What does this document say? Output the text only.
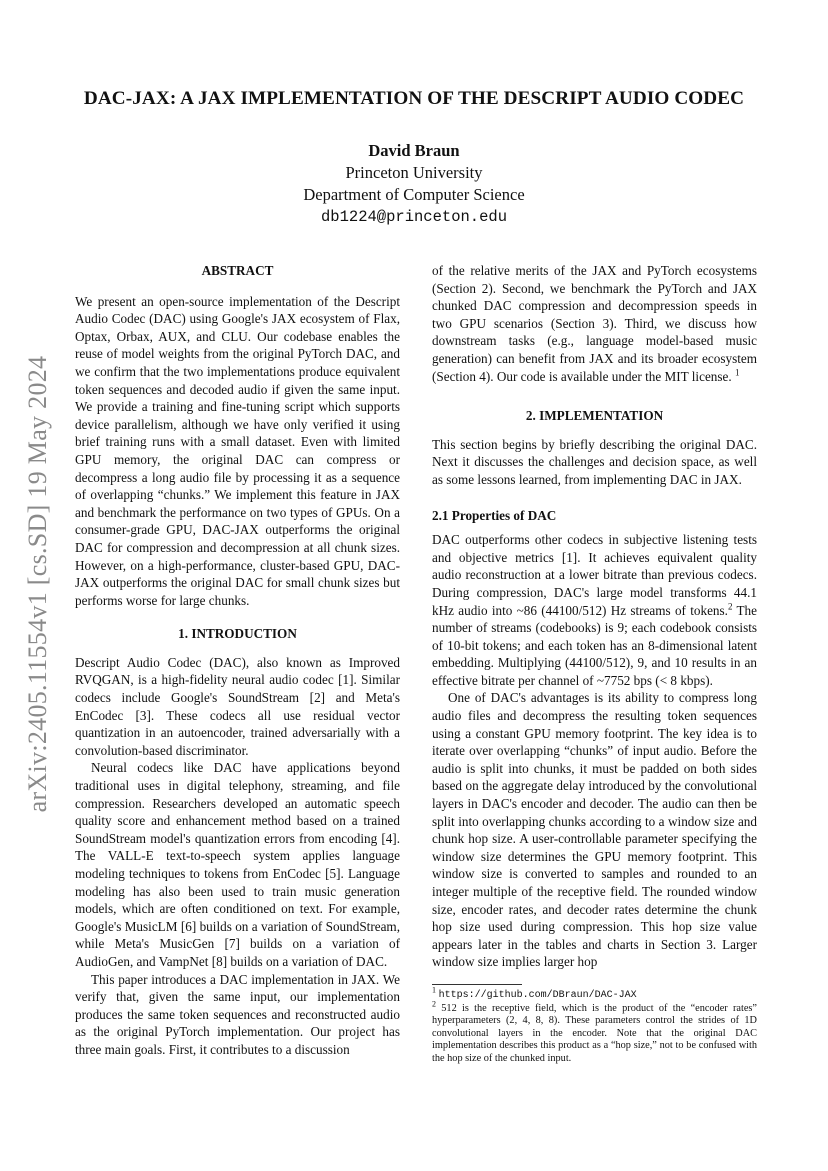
arXiv:2405.11554v1 [cs.SD] 19 May 2024
DAC-JAX: A JAX IMPLEMENTATION OF THE DESCRIPT AUDIO CODEC
David Braun
Princeton University
Department of Computer Science
db1224@princeton.edu
ABSTRACT

We present an open-source implementation of the Descript Audio Codec (DAC) using Google's JAX ecosystem of Flax, Optax, Orbax, AUX, and CLU. Our codebase enables the reuse of model weights from the original PyTorch DAC, and we confirm that the two implementations produce equivalent token sequences and decoded audio if given the same input. We provide a training and fine-tuning script which supports device parallelism, although we have only verified it using brief training runs with a small dataset. Even with limited GPU memory, the original DAC can compress or decompress a long audio file by processing it as a sequence of overlapping “chunks.” We implement this feature in JAX and benchmark the performance on two types of GPUs. On a consumer-grade GPU, DAC-JAX outperforms the original DAC for compression and decompression at all chunk sizes. However, on a high-performance, cluster-based GPU, DAC-JAX outperforms the original DAC for small chunk sizes but performs worse for large chunks.

1. INTRODUCTION

Descript Audio Codec (DAC), also known as Improved RVQGAN, is a high-fidelity neural audio codec [1]. Similar codecs include Google's SoundStream [2] and Meta's EnCodec [3]. These codecs all use residual vector quantization in an autoencoder, trained adversarially with a convolution-based discriminator.

Neural codecs like DAC have applications beyond traditional uses in digital telephony, streaming, and file compression. Researchers developed an automatic speech quality score and enhancement method based on a trained SoundStream model's quantization errors from encoding [4]. The VALL-E text-to-speech system applies language modeling techniques to tokens from EnCodec [5]. Language modeling has also been used to train music generation models, which are often conditioned on text. For example, Google's MusicLM [6] builds on a variation of SoundStream, while Meta's MusicGen [7] builds on a variation of AudioGen, and VampNet [8] builds on a variation of DAC.

This paper introduces a DAC implementation in JAX. We verify that, given the same input, our implementation produces the same token sequences and reconstructed audio as the original PyTorch implementation. Our project has three main goals. First, it contributes to a discussion

of the relative merits of the JAX and PyTorch ecosystems (Section 2). Second, we benchmark the PyTorch and JAX chunked DAC compression and decompression speeds in two GPU scenarios (Section 3). Third, we discuss how downstream tasks (e.g., language model-based music generation) can benefit from JAX and its broader ecosystem (Section 4). Our code is available under the MIT license. $^1$

2. IMPLEMENTATION

This section begins by briefly describing the original DAC. Next it discusses the challenges and decision space, as well as some lessons learned, from implementing DAC in JAX.

2.1 Properties of DAC

DAC outperforms other codecs in subjective listening tests and objective metrics [1]. It achieves equivalent quality audio reconstruction at a lower bitrate than previous codecs. During compression, DAC's large model transforms 44.1 kHz audio into ~86 (44100/512) Hz streams of tokens.$^2$ The number of streams (codebooks) is 9; each codebook consists of 10-bit tokens; and each token has an 8-dimensional latent embedding. Multiplying (44100/512), 9, and 10 results in an effective bitrate per channel of ~7752 bps (< 8 kbps).

One of DAC's advantages is its ability to compress long audio files and decompress the resulting token sequences using a constant GPU memory footprint. The key idea is to iterate over overlapping “chunks” of input audio. Before the audio is split into chunks, it must be padded on both sides based on the aggregate delay introduced by the convolutional layers in DAC's encoder and decoder. The audio can then be split into overlapping chunks according to a window size and chunk hop size. A user-controllable parameter specifying the window size determines the GPU memory footprint. This window size is converted to samples and rounded to an integer multiple of the receptive field. The rounded window size, encoder rates, and decoder rates determine the chunk hop size used during compression. This hop size value appears later in the tables and charts in Section 3. Larger window size implies larger hop

$^1$ https://github.com/DBraun/DAC-JAX

$^2$ 512 is the receptive field, which is the product of the “encoder rates” hyperparameters (2, 4, 8, 8). These parameters control the strides of 1D convolutional layers in the encoder. Note that the original DAC implementation describes this product as a “hop size,” not to be confused with the hop size of the chunked input.
